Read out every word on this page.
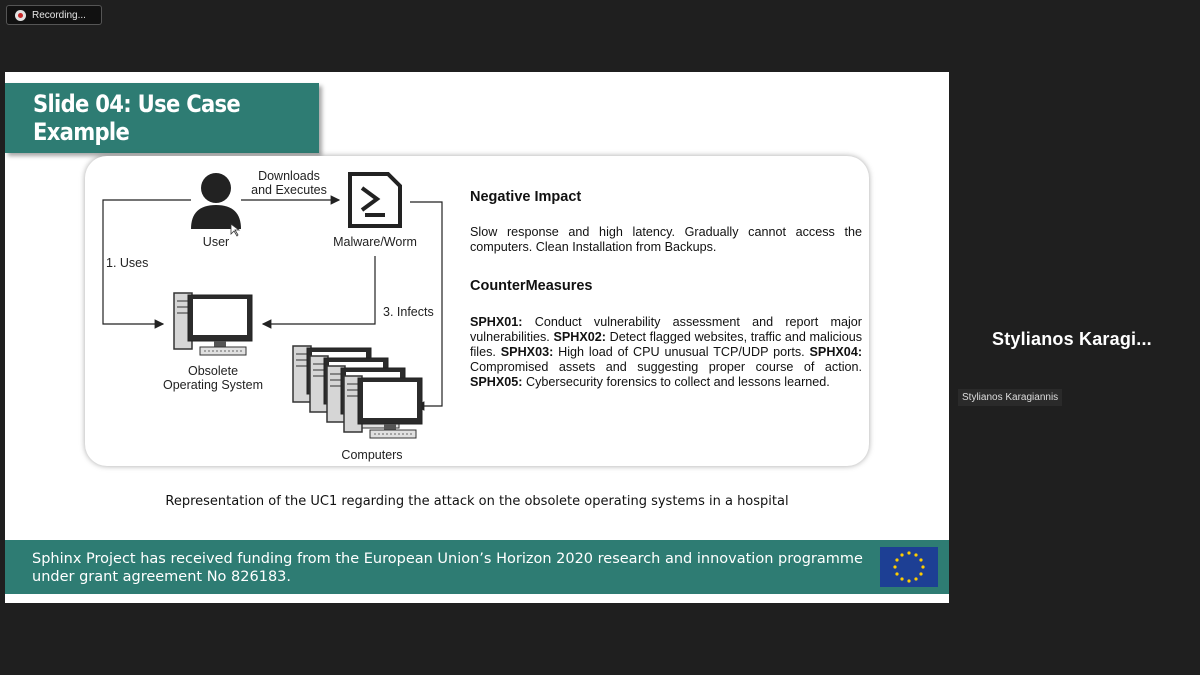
Recording...
Slide 04: Use Case Example
Downloads
and Executes
User	Malware/Worm
1. Uses
3. Infects
Obsolete
Operating System
Computers
Negative Impact

Slow response and high latency. Gradually cannot access the computers. Clean Installation from Backups.

CounterMeasures

SPHX01: Conduct vulnerability assessment and report major vulnerabilities. SPHX02: Detect flagged websites, traffic and malicious files. SPHX03: High load of CPU unusual TCP/UDP ports. SPHX04: Compromised assets and suggesting proper course of action. SPHX05: Cybersecurity forensics to collect and lessons learned.

Representation of the UC1 regarding the attack on the obsolete operating systems in a hospital
Sphinx Project has received funding from the European Union’s Horizon 2020 research and innovation programme under grant agreement No 826183.
Stylianos Karagi...
Stylianos Karagiannis
